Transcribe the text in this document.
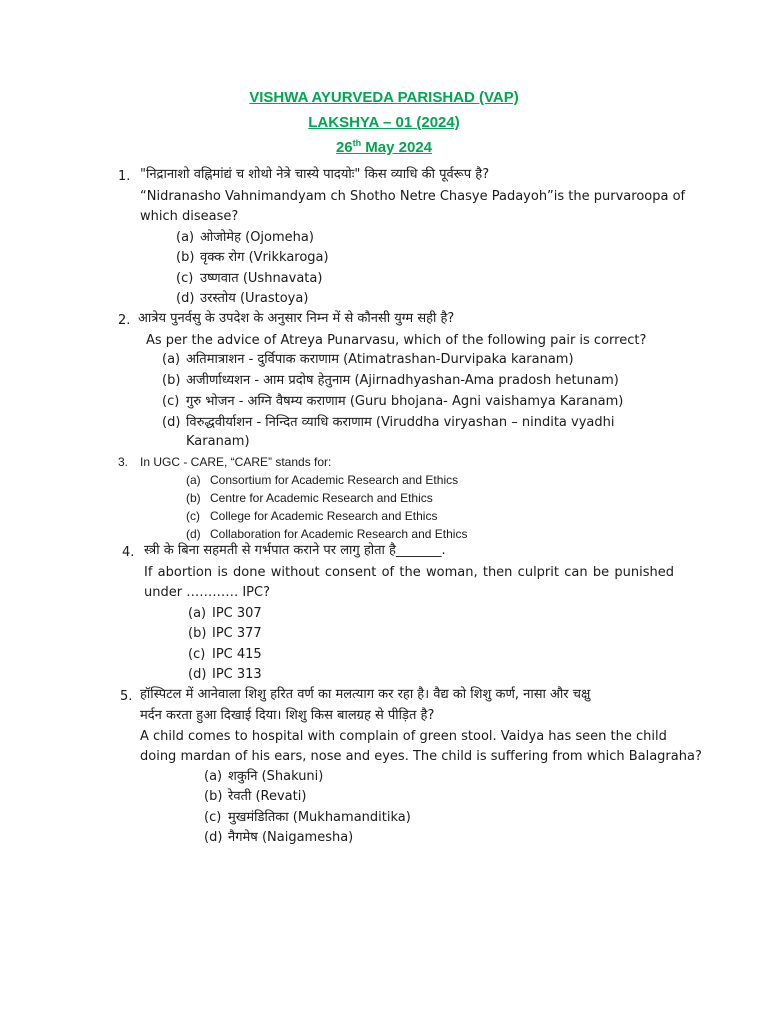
VISHWA AYURVEDA PARISHAD (VAP)
LAKSHYA – 01 (2024)
26th May 2024
1. "निद्रानाशो वह्निमांद्यं च शोथो नेत्रे चास्ये पादयोः" किस व्याधि की पूर्वरूप है?
“Nidranasho Vahnimandyam ch Shotho Netre Chasye Padayoh”is the purvaroopa of
which disease?
(a) ओजोमेह (Ojomeha)
(b) वृक्क रोग (Vrikkaroga)
(c) उष्णवात (Ushnavata)
(d) उरस्तोय (Urastoya)
2. आत्रेय पुनर्वसु के उपदेश के अनुसार निम्न में से कौनसी युग्म सही है?
As per the advice of Atreya Punarvasu, which of the following pair is correct?
(a) अतिमात्राशन - दुर्विपाक कराणाम (Atimatrashan-Durvipaka karanam)
(b) अजीर्णाध्यशन - आम प्रदोष हेतुनाम (Ajirnadhyashan-Ama pradosh hetunam)
(c) गुरु भोजन - अग्नि वैषम्य कराणाम (Guru bhojana- Agni vaishamya Karanam)
(d) विरुद्धवीर्याशन - निन्दित व्याधि कराणाम (Viruddha viryashan – nindita vyadhi
Karanam)
3. In UGC - CARE, “CARE” stands for:
(a) Consortium for Academic Research and Ethics
(b) Centre for Academic Research and Ethics
(c) College for Academic Research and Ethics
(d) Collaboration for Academic Research and Ethics
4. स्त्री के बिना सहमती से गर्भपात कराने पर लागु होता है_______.
If abortion is done without consent of the woman, then culprit can be punished
under ………… IPC?
(a) IPC 307
(b) IPC 377
(c) IPC 415
(d) IPC 313
5. हॉस्पिटल में आनेवाला शिशु हरित वर्ण का मलत्याग कर रहा है। वैद्य को शिशु कर्ण, नासा और चक्षु
मर्दन करता हुआ दिखाई दिया। शिशु किस बालग्रह से पीड़ित है?
A child comes to hospital with complain of green stool. Vaidya has seen the child
doing mardan of his ears, nose and eyes. The child is suffering from which Balagraha?
(a) शकुनि (Shakuni)
(b) रेवती (Revati)
(c) मुखमंडितिका (Mukhamanditika)
(d) नैगमेष (Naigamesha)
